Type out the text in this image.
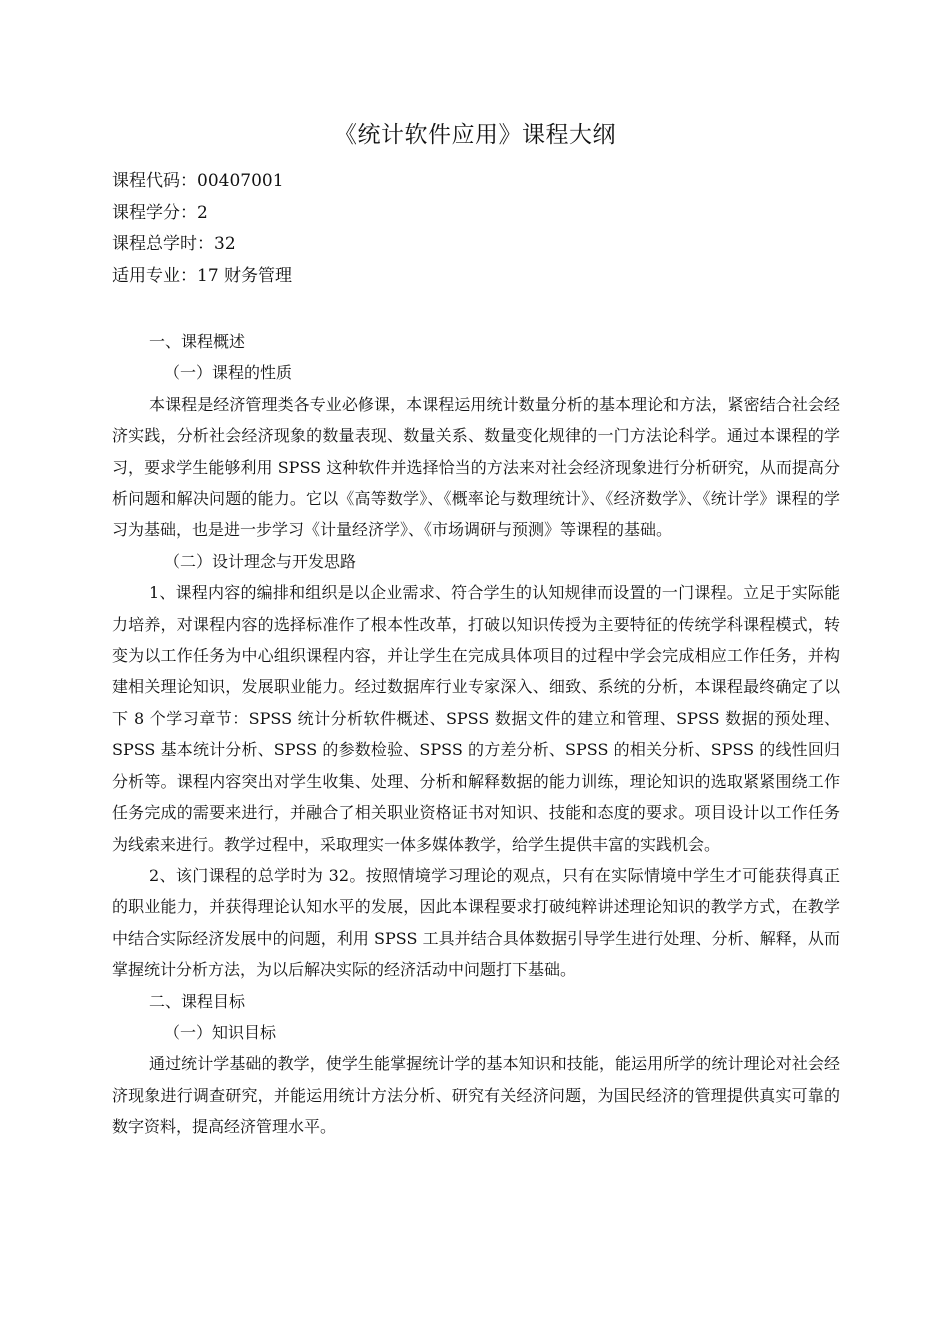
《统计软件应用》课程大纲
课程代码：00407001
课程学分：2
课程总学时：32
适用专业：17 财务管理
一、课程概述
（一）课程的性质
本课程是经济管理类各专业必修课，本课程运用统计数量分析的基本理论和方法，紧密结合社会经济实践，分析社会经济现象的数量表现、数量关系、数量变化规律的一门方法论科学。通过本课程的学习，要求学生能够利用 SPSS 这种软件并选择恰当的方法来对社会经济现象进行分析研究，从而提高分析问题和解决问题的能力。它以《高等数学》、《概率论与数理统计》、《经济数学》、《统计学》课程的学习为基础，也是进一步学习《计量经济学》、《市场调研与预测》等课程的基础。
（二）设计理念与开发思路
1、课程内容的编排和组织是以企业需求、符合学生的认知规律而设置的一门课程。立足于实际能力培养，对课程内容的选择标准作了根本性改革，打破以知识传授为主要特征的传统学科课程模式，转变为以工作任务为中心组织课程内容，并让学生在完成具体项目的过程中学会完成相应工作任务，并构建相关理论知识，发展职业能力。经过数据库行业专家深入、细致、系统的分析，本课程最终确定了以下 8 个学习章节：SPSS 统计分析软件概述、SPSS 数据文件的建立和管理、SPSS 数据的预处理、SPSS 基本统计分析、SPSS 的参数检验、SPSS 的方差分析、SPSS 的相关分析、SPSS 的线性回归分析等。课程内容突出对学生收集、处理、分析和解释数据的能力训练，理论知识的选取紧紧围绕工作任务完成的需要来进行，并融合了相关职业资格证书对知识、技能和态度的要求。项目设计以工作任务为线索来进行。教学过程中，采取理实一体多媒体教学，给学生提供丰富的实践机会。
2、该门课程的总学时为 32。按照情境学习理论的观点，只有在实际情境中学生才可能获得真正的职业能力，并获得理论认知水平的发展，因此本课程要求打破纯粹讲述理论知识的教学方式，在教学中结合实际经济发展中的问题，利用 SPSS 工具并结合具体数据引导学生进行处理、分析、解释，从而掌握统计分析方法，为以后解决实际的经济活动中问题打下基础。
二、课程目标
（一）知识目标
通过统计学基础的教学，使学生能掌握统计学的基本知识和技能，能运用所学的统计理论对社会经济现象进行调查研究，并能运用统计方法分析、研究有关经济问题，为国民经济的管理提供真实可靠的数字资料，提高经济管理水平。
